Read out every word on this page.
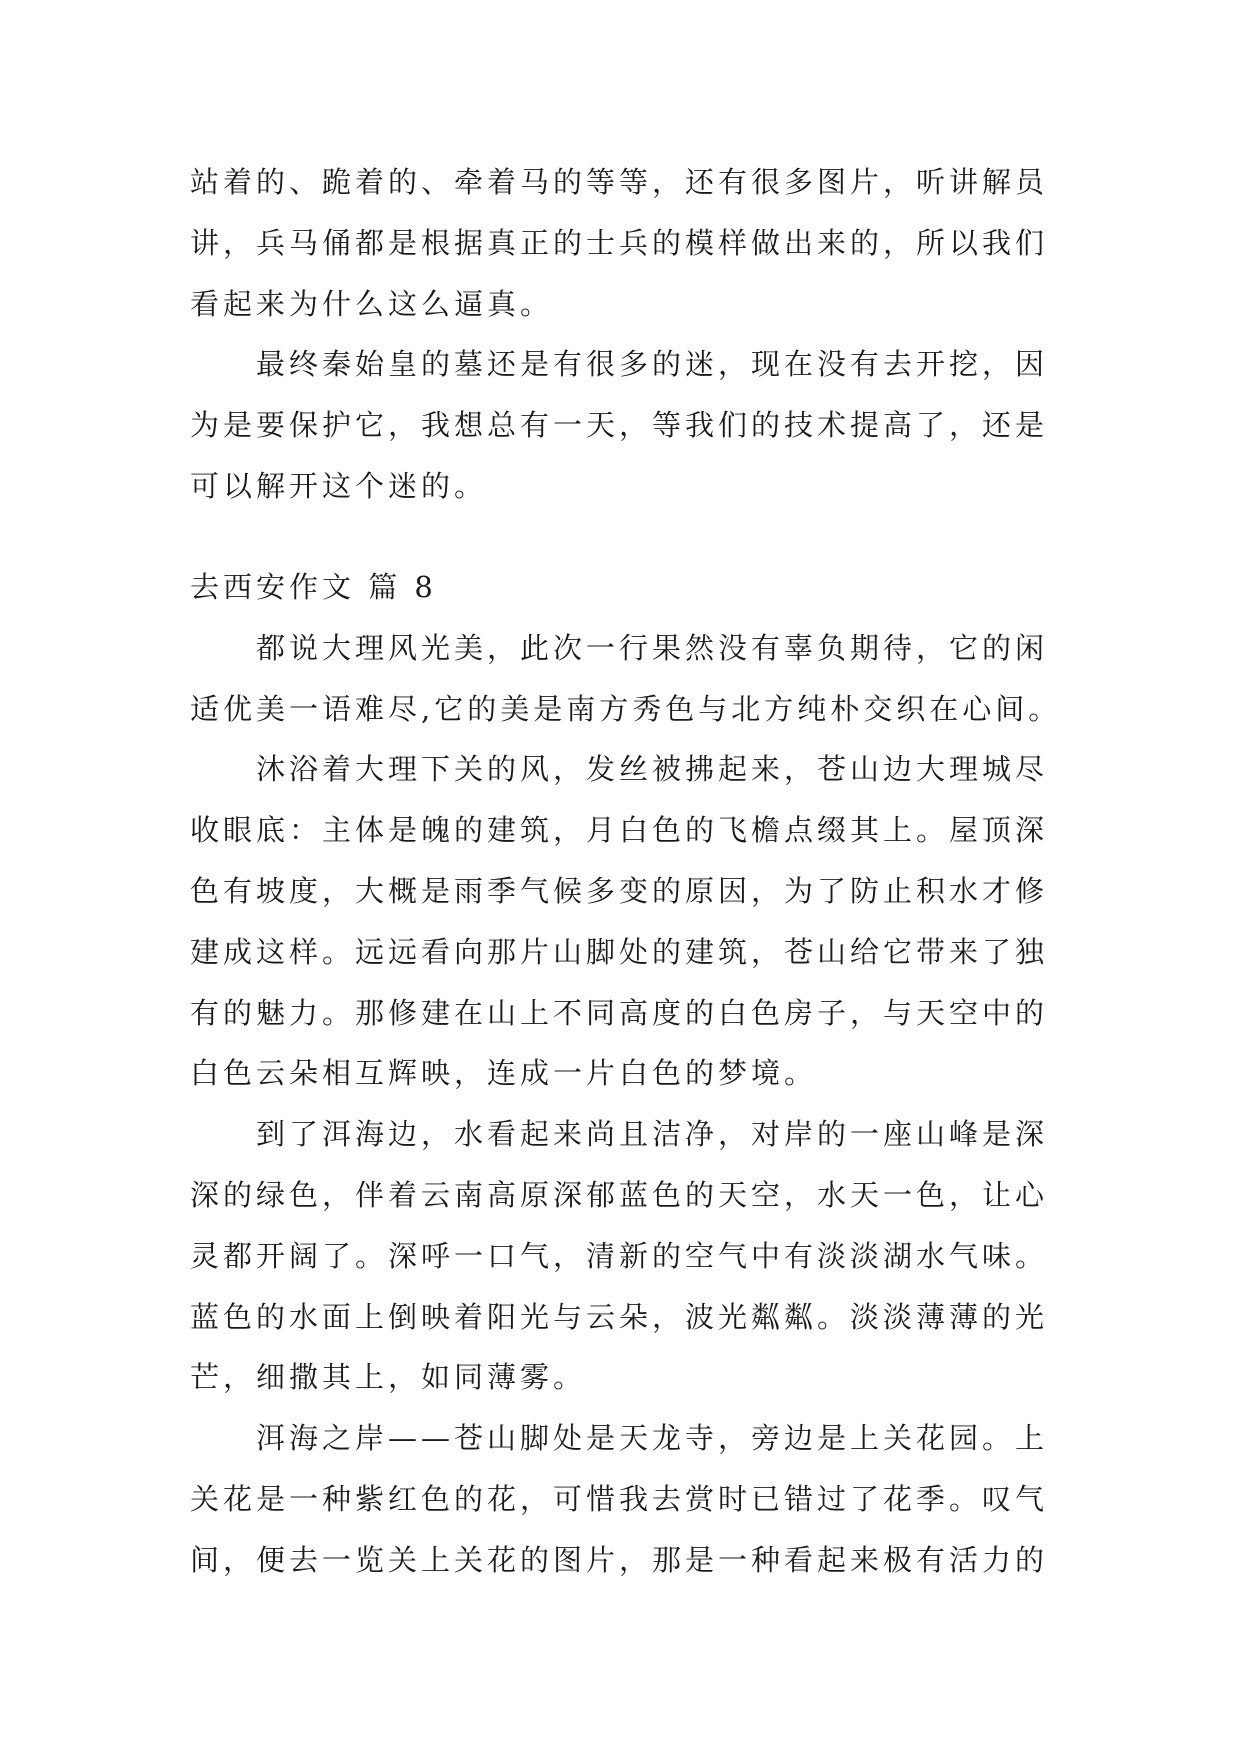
站着的、跪着的、牵着马的等等，还有很多图片，听讲解员
讲，兵马俑都是根据真正的士兵的模样做出来的，所以我们
看起来为什么这么逼真。
最终秦始皇的墓还是有很多的迷，现在没有去开挖，因
为是要保护它，我想总有一天，等我们的技术提高了，还是
可以解开这个迷的。
去西安作文 篇 8
都说大理风光美，此次一行果然没有辜负期待，它的闲
适优美一语难尽,它的美是南方秀色与北方纯朴交织在心间。
沐浴着大理下关的风，发丝被拂起来，苍山边大理城尽
收眼底：主体是魄的建筑，月白色的飞檐点缀其上。屋顶深
色有坡度，大概是雨季气候多变的原因，为了防止积水才修
建成这样。远远看向那片山脚处的建筑，苍山给它带来了独
有的魅力。那修建在山上不同高度的白色房子，与天空中的
白色云朵相互辉映，连成一片白色的梦境。
到了洱海边，水看起来尚且洁净，对岸的一座山峰是深
深的绿色，伴着云南高原深郁蓝色的天空，水天一色，让心
灵都开阔了。深呼一口气，清新的空气中有淡淡湖水气味。
蓝色的水面上倒映着阳光与云朵，波光粼粼。淡淡薄薄的光
芒，细撒其上，如同薄雾。
洱海之岸——苍山脚处是天龙寺，旁边是上关花园。上
关花是一种紫红色的花，可惜我去赏时已错过了花季。叹气
间，便去一览关上关花的图片，那是一种看起来极有活力的
